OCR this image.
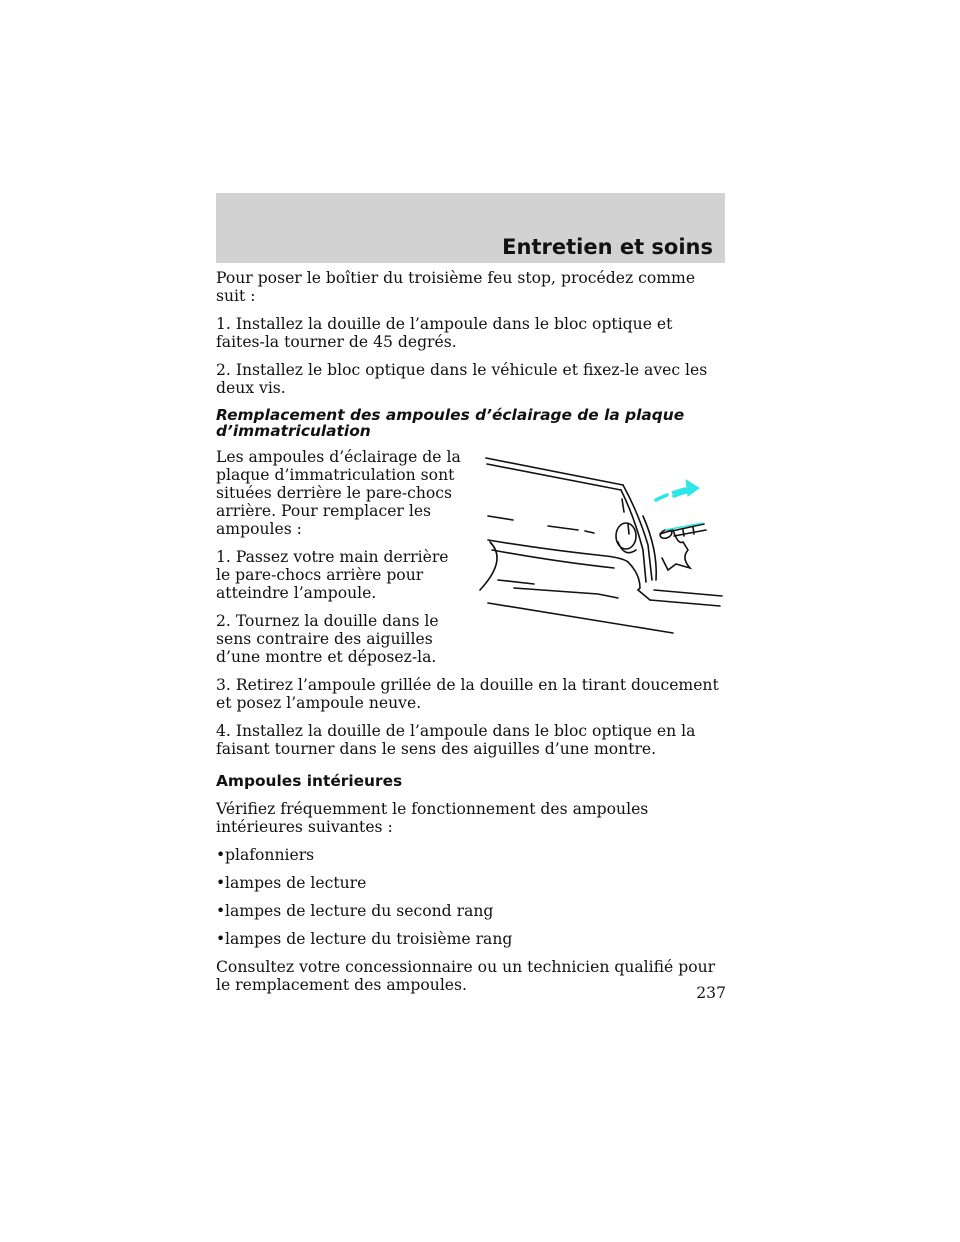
Entretien et soins

Pour poser le boîtier du troisième feu stop, procédez comme suit :

1. Installez la douille de l’ampoule dans le bloc optique et faites-la tourner de 45 degrés.

2. Installez le bloc optique dans le véhicule et fixez-le avec les deux vis.

Remplacement des ampoules d’éclairage de la plaque d’immatriculation

Les ampoules d’éclairage de la plaque d’immatriculation sont situées derrière le pare-chocs arrière. Pour remplacer les ampoules :

1. Passez votre main derrière le pare-chocs arrière pour atteindre l’ampoule.

2. Tournez la douille dans le sens contraire des aiguilles d’une montre et déposez-la.

3. Retirez l’ampoule grillée de la douille en la tirant doucement et posez l’ampoule neuve.

4. Installez la douille de l’ampoule dans le bloc optique en la faisant tourner dans le sens des aiguilles d’une montre.

Ampoules intérieures

Vérifiez fréquemment le fonctionnement des ampoules intérieures suivantes :

•plafonniers
•lampes de lecture
•lampes de lecture du second rang
•lampes de lecture du troisième rang

Consultez votre concessionnaire ou un technicien qualifié pour le remplacement des ampoules.	237
